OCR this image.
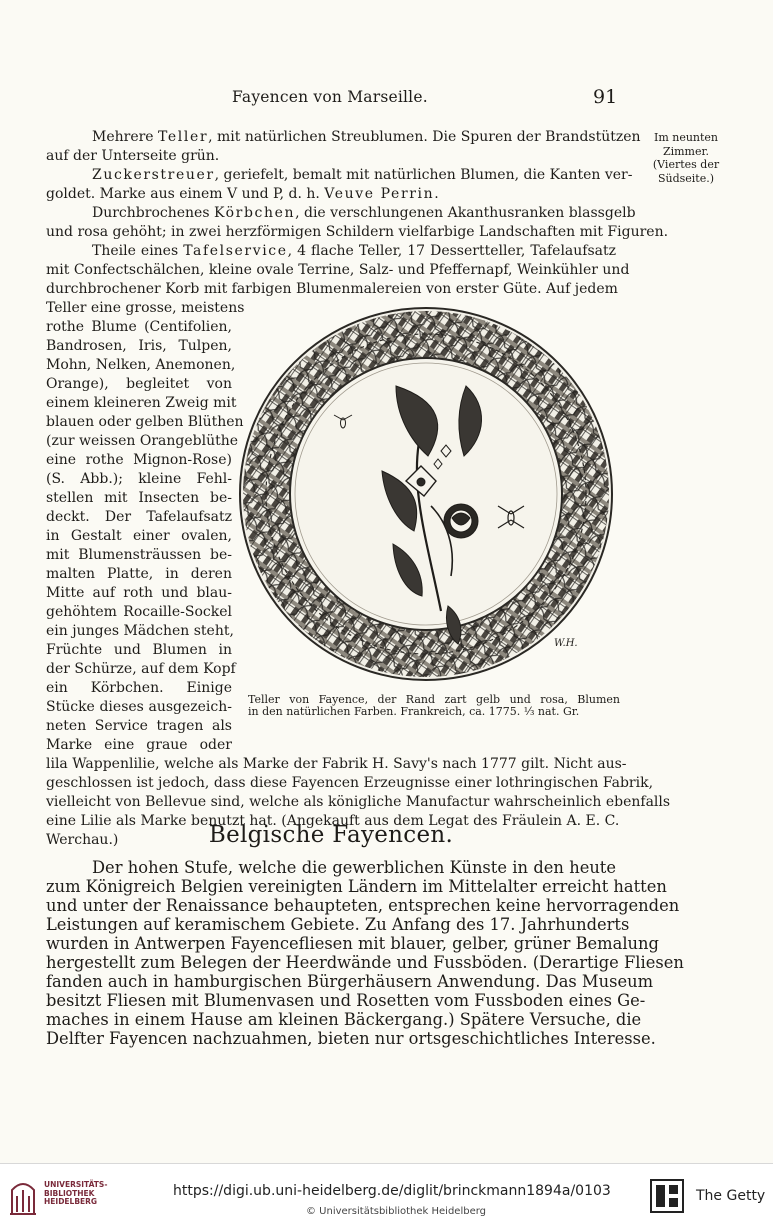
Fayencen von Marseille.	91
Im neunten
Zimmer.
(Viertes der
Südseite.)
Mehrere Teller, mit natürlichen Streublumen. Die Spuren der Brandstützen
auf der Unterseite grün.
Zuckerstreuer, geriefelt, bemalt mit natürlichen Blumen, die Kanten ver-
goldet. Marke aus einem V und P, d. h. Veuve Perrin.
Durchbrochenes Körbchen, die verschlungenen Akanthusranken blassgelb
und rosa gehöht; in zwei herzförmigen Schildern vielfarbige Landschaften mit Figuren.
Theile eines Tafelservice, 4 flache Teller, 17 Dessertteller, Tafelaufsatz
mit Confectschälchen, kleine ovale Terrine, Salz- und Pfeffernapf, Weinkühler und
durchbrochener Korb mit farbigen Blumenmalereien von erster Güte. Auf jedem
Teller eine grosse, meistens
rothe Blume (Centifolien,
Bandrosen, Iris, Tulpen,
Mohn, Nelken, Anemonen,
Orange), begleitet von
einem kleineren Zweig mit
blauen oder gelben Blüthen
(zur weissen Orangeblüthe
eine rothe Mignon-Rose)
(S. Abb.); kleine Fehl-
stellen mit Insecten be-
deckt. Der Tafelaufsatz
in Gestalt einer ovalen,
mit Blumensträussen be-
malten Platte, in deren
Mitte auf roth und blau-
gehöhtem Rocaille-Sockel
ein junges Mädchen steht,
Früchte und Blumen in
der Schürze, auf dem Kopf
ein Körbchen. Einige
Stücke dieses ausgezeich-
neten Service tragen als
Marke eine graue oder
lila Wappenlilie, welche als Marke der Fabrik H. Savy's nach 1777 gilt. Nicht aus-
geschlossen ist jedoch, dass diese Fayencen Erzeugnisse einer lothringischen Fabrik,
vielleicht von Bellevue sind, welche als königliche Manufactur wahrscheinlich ebenfalls
eine Lilie als Marke benutzt hat. (Angekauft aus dem Legat des Fräulein A. E. C.
Werchau.)
W.H.
Teller von Fayence, der Rand zart gelb und rosa, Blumen
in den natürlichen Farben. Frankreich, ca. 1775. ¹⁄₃ nat. Gr.
Belgische Fayencen.
Der hohen Stufe, welche die gewerblichen Künste in den heute
zum Königreich Belgien vereinigten Ländern im Mittelalter erreicht hatten
und unter der Renaissance behaupteten, entsprechen keine hervorragenden
Leistungen auf keramischem Gebiete. Zu Anfang des 17. Jahrhunderts
wurden in Antwerpen Fayencefliesen mit blauer, gelber, grüner Bemalung
hergestellt zum Belegen der Heerdwände und Fussböden. (Derartige Fliesen
fanden auch in hamburgischen Bürgerhäusern Anwendung. Das Museum
besitzt Fliesen mit Blumenvasen und Rosetten vom Fussboden eines Ge-
maches in einem Hause am kleinen Bäckergang.) Spätere Versuche, die
Delfter Fayencen nachzuahmen, bieten nur ortsgeschichtliches Interesse.
UNIVERSITÄTS-
BIBLIOTHEK
HEIDELBERG
https://digi.ub.uni-heidelberg.de/diglit/brinckmann1894a/0103
© Universitätsbibliothek Heidelberg
The Getty
